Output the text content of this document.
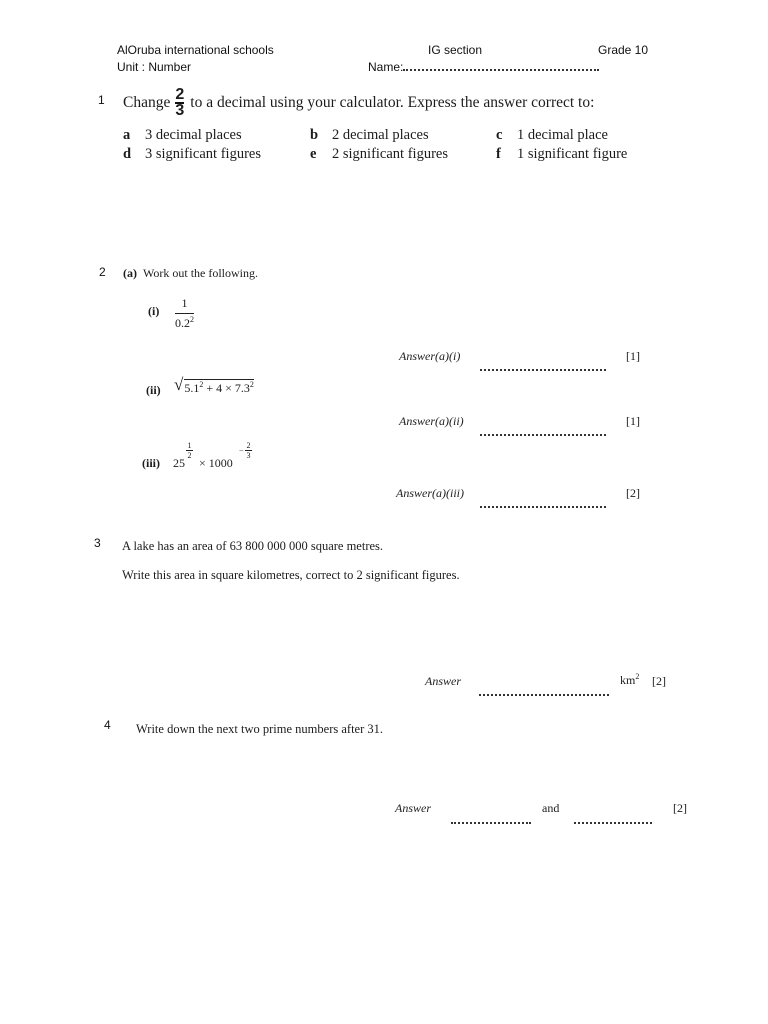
AlOruba international schools	IG section	Grade 10
Unit : Number	Name:
1 Change $\frac{2}{3}$ to a decimal using your calculator. Express the answer correct to:
a 3 decimal places	b 2 decimal places	c 1 decimal place
d 3 significant figures	e 2 significant figures	f 1 significant figure
2 (a) Work out the following.
$(i) \frac{1}{0.2^2}$
Answer(a)(i)	[1]
(ii) √ $5.1^2 + 4 \times 7.3^2$
Answer(a)(ii)	[1]
(iii) 25
1
2
× 1000
−
2
3
Answer(a)(iii)	[2]
3 A lake has an area of 63 800 000 000 square metres.
Write this area in square kilometres, correct to 2 significant figures.
Answer	$km^2$ [2]
4 Write down the next two prime numbers after 31.
Answer	and	[2]
